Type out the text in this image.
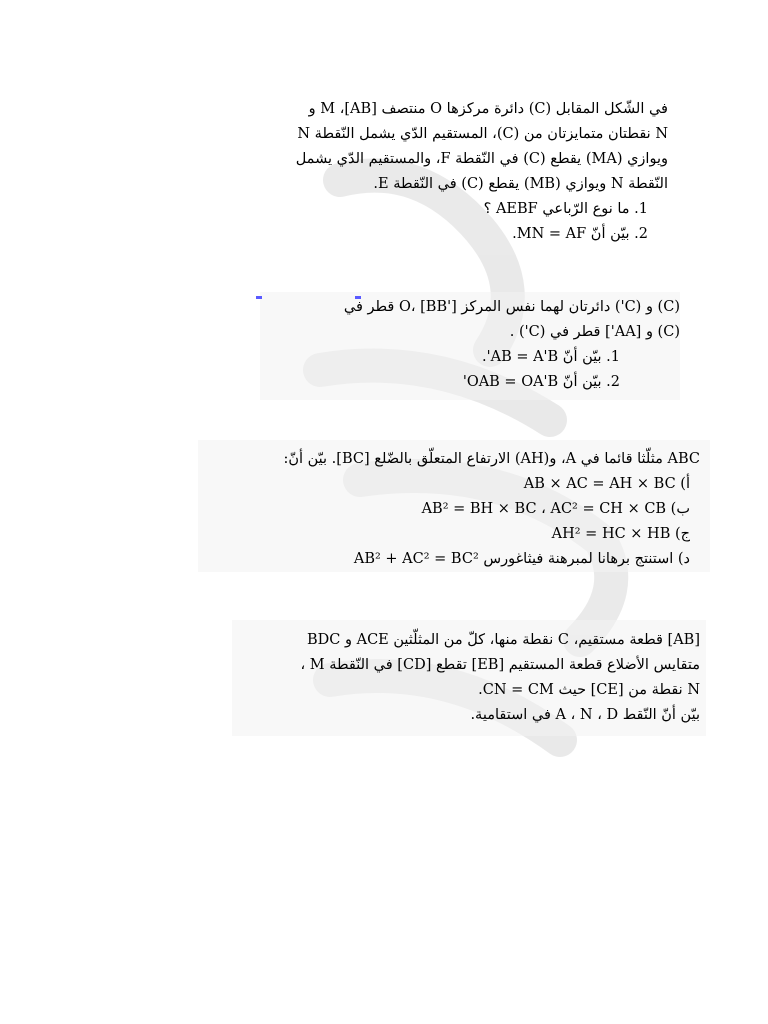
في الشّكل المقابل (C) دائرة مركزها O منتصف [AB]، M و

N نقطتان متمايزتان من (C)، المستقيم الدّي يشمل النّقطة N

ويوازي (MA) يقطع (C) في النّقطة F، والمستقيم الدّي يشمل

النّقطة N ويوازي (MB) يقطع (C) في النّقطة E.

1. ما نوع الرّباعي AEBF ؟

2. بيّن أنّ MN = AF.

(C) و (C') دائرتان لهما نفس المركز O، [BB'] قطر في

(C) و [AA'] قطر في (C') .

1. بيّن أنّ AB = A'B'.

2. بيّن أنّ OAB = OA'B'

ABC مثلّثا قائما في A، و(AH) الارتفاع المتعلّق بالضّلع [BC]. بيّن أنّ:

أ) AB × AC = AH × BC

ب) AB² = BH × BC ، AC² = CH × CB

ج) AH² = HC × HB

د) استنتج برهانا لمبرهنة فيثاغورس AB² + AC² = BC²

[AB] قطعة مستقيم، C نقطة منها، كلّ من المثلّثين ACE و BDC

متقايس الأضلاع قطعة المستقيم [EB] تقطع [CD] في النّقطة M ،

N نقطة من [CE] حيث CN = CM.

بيّن أنّ النّقط A ، N ، D في استقامية.
